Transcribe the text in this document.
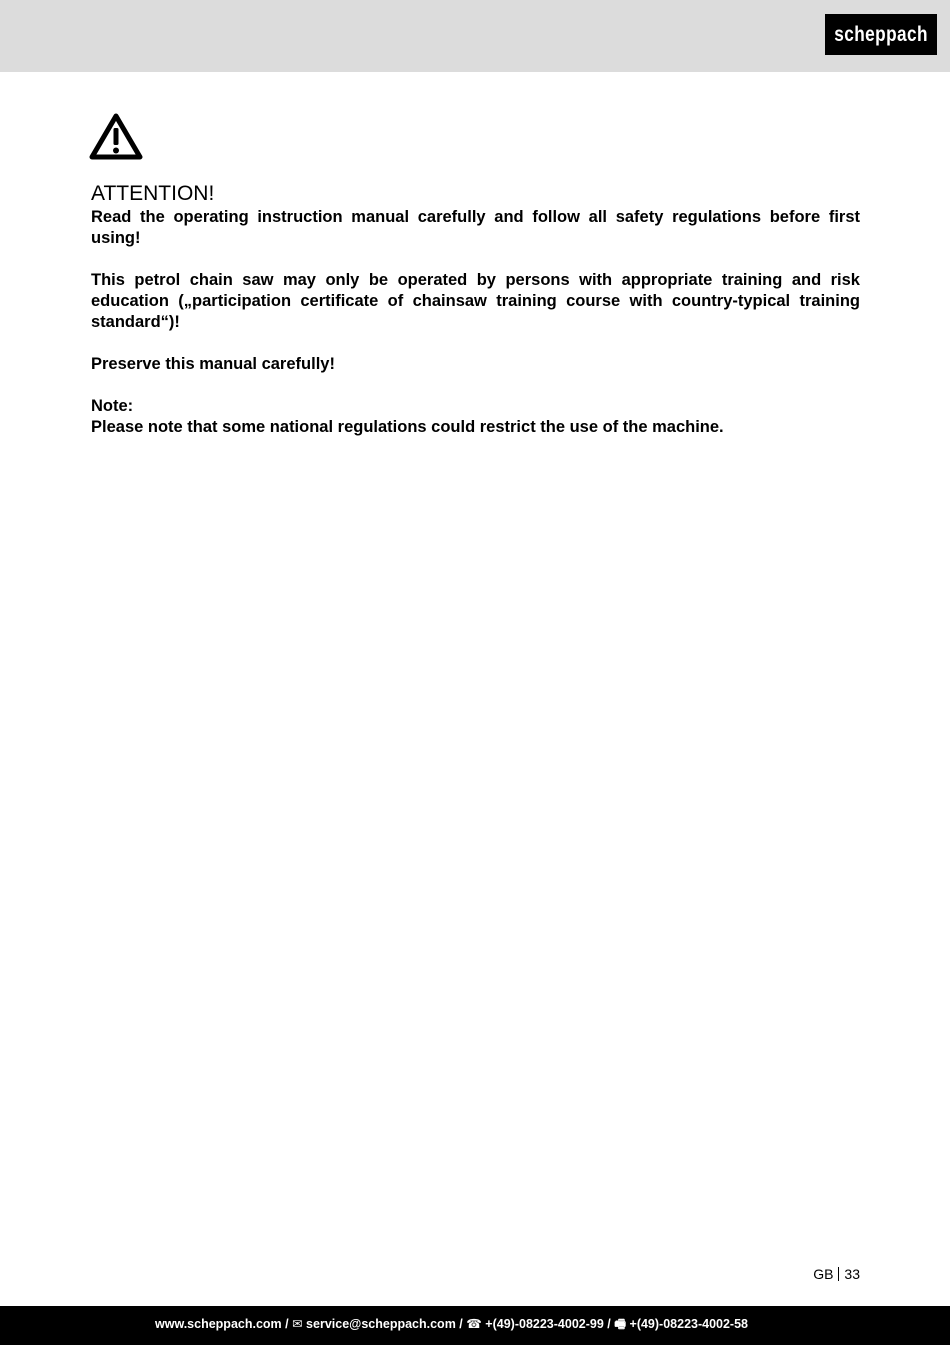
scheppach

ATTENTION!

Read the operating instruction manual carefully and follow all safety regulations before first using!

This petrol chain saw may only be operated by persons with appropriate training and risk education („participation certificate of chainsaw training course with country-typical training standard“)!

Preserve this manual carefully!

Note:

Please note that some national regulations could restrict the use of the machine.

GB 33
www.scheppach.com / ✉ service@scheppach.com / ☎ +(49)-08223-4002-99 / 🖷 +(49)-08223-4002-58
